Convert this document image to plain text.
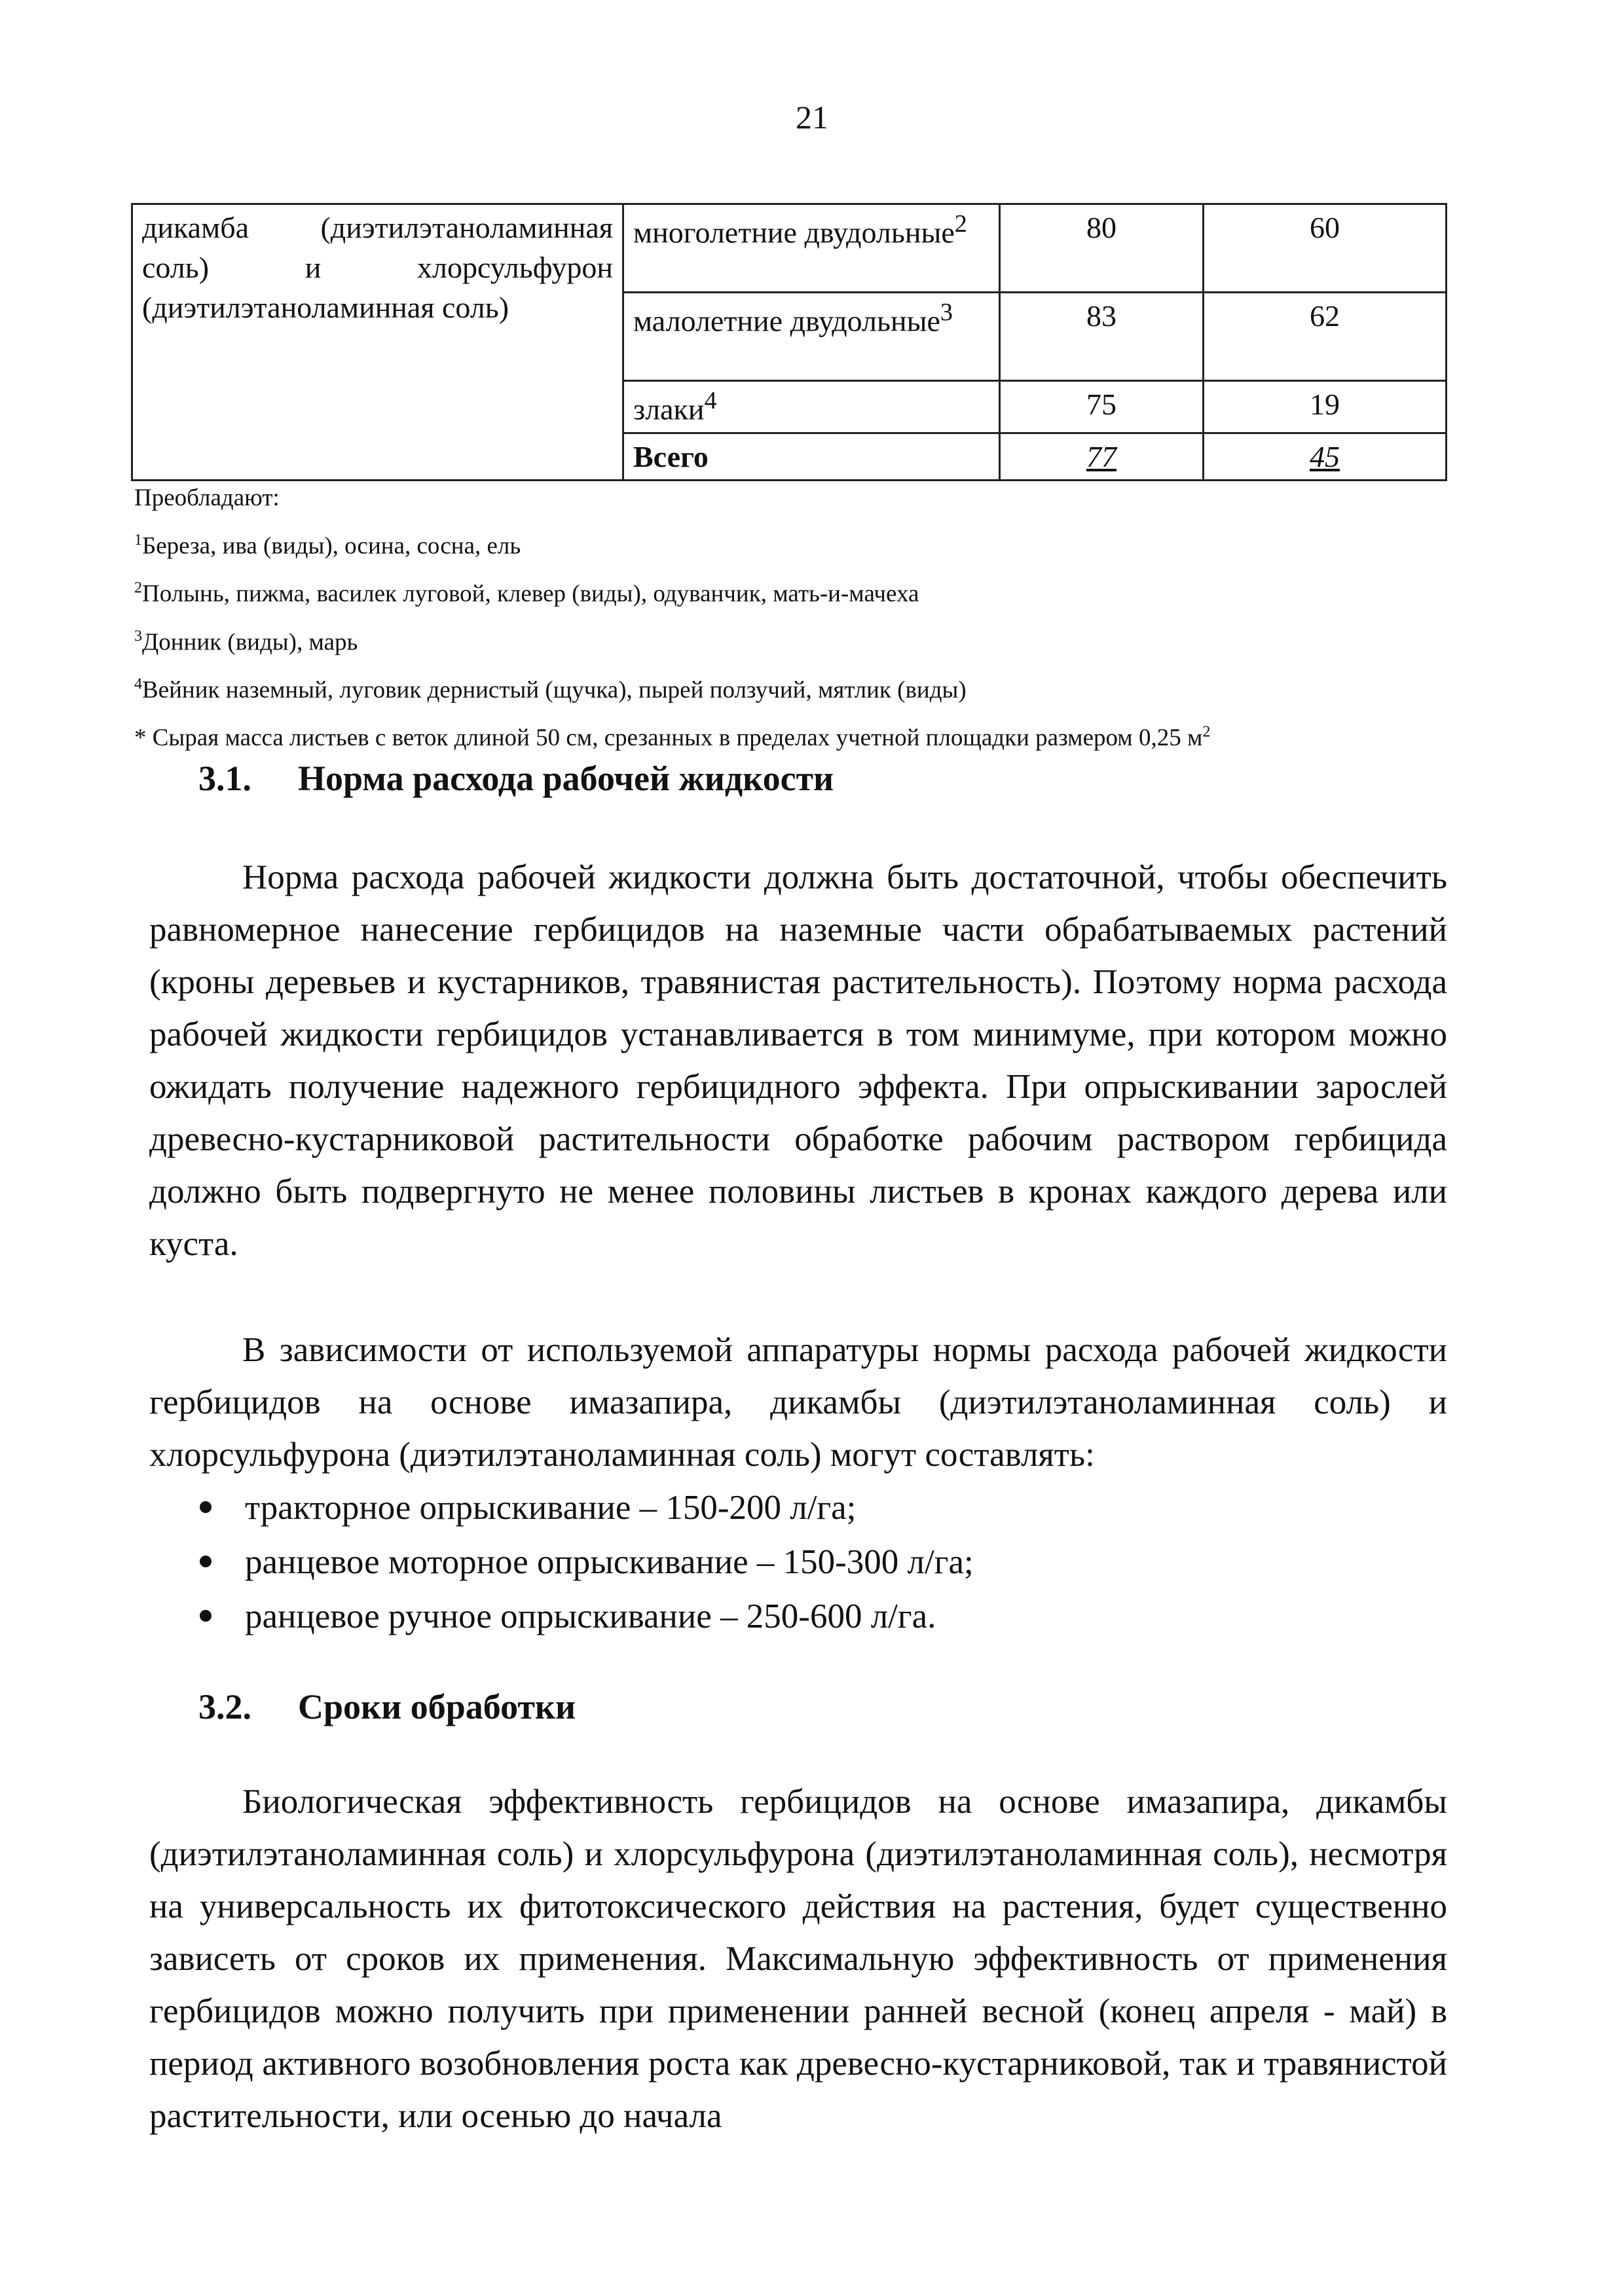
21
дикамба (диэтилэтаноламинная
соль) и хлорсульфурон
(диэтилэтаноламинная соль)	многолетние двудольные$^2$	80	60
	малолетние двудольные$^3$	83	62
	злаки$^4$	75	19
	Всего	77	45
Преобладают:
$^1$Береза, ива (виды), осина, сосна, ель
$^2$Полынь, пижма, василек луговой, клевер (виды), одуванчик, мать-и-мачеха
$^3$Донник (виды), марь
$^4$Вейник наземный, луговик дернистый (щучка), пырей ползучий, мятлик (виды)
* Сырая масса листьев с веток длиной 50 см, срезанных в пределах учетной площадки размером 0,25 $м^2$
3.1. Норма расхода рабочей жидкости

Норма расхода рабочей жидкости должна быть достаточной, чтобы обеспечить равномерное нанесение гербицидов на наземные части обрабатываемых растений (кроны деревьев и кустарников, травянистая растительность). Поэтому норма расхода рабочей жидкости гербицидов устанавливается в том минимуме, при котором можно ожидать получение надежного гербицидного эффекта. При опрыскивании зарослей древесно-кустарниковой растительности обработке рабочим раствором гербицида должно быть подвергнуто не менее половины листьев в кронах каждого дерева или куста.

В зависимости от используемой аппаратуры нормы расхода рабочей жидкости гербицидов на основе имазапира, дикамбы (диэтилэтаноламинная соль) и хлорсульфурона (диэтилэтаноламинная соль) могут составлять:

тракторное опрыскивание – 150-200 л/га;
ранцевое моторное опрыскивание – 150-300 л/га;
ранцевое ручное опрыскивание – 250-600 л/га.
3.2. Сроки обработки

Биологическая эффективность гербицидов на основе имазапира, дикамбы (диэтилэтаноламинная соль) и хлорсульфурона (диэтилэтаноламинная соль), несмотря на универсальность их фитотоксического действия на растения, будет существенно зависеть от сроков их применения. Максимальную эффективность от применения гербицидов можно получить при применении ранней весной (конец апреля - май) в период активного возобновления роста как древесно-кустарниковой, так и травянистой растительности, или осенью до начала
